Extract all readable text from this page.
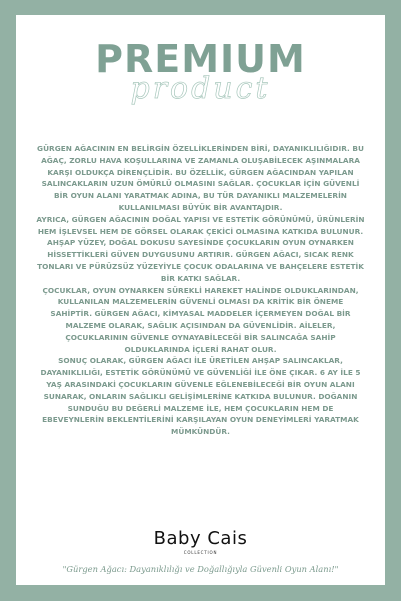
PREMIUM
product

GÜRGEN AĞACININ EN BELİRGİN ÖZELLİKLERİNDEN BİRİ, DAYANIKLILIĞIDIR. BU AĞAÇ, ZORLU HAVA KOŞULLARINA VE ZAMANLA OLUŞABİLECEK AŞINMALARA KARŞI OLDUKÇA DİRENÇLİDİR. BU ÖZELLİK, GÜRGEN AĞACINDAN YAPILAN SALINCAKLARIN UZUN ÖMÜRLÜ OLMASINI SAĞLAR. ÇOCUKLAR İÇİN GÜVENLİ BİR OYUN ALANI YARATMAK ADINA, BU TÜR DAYANIKLI MALZEMELERİN KULLANILMASI BÜYÜK BİR AVANTAJDIR.

AYRICA, GÜRGEN AĞACININ DOĞAL YAPISI VE ESTETİK GÖRÜNÜMÜ, ÜRÜNLERİN HEM İŞLEVSEL HEM DE GÖRSEL OLARAK ÇEKİCİ OLMASINA KATKIDA BULUNUR. AHŞAP YÜZEY, DOĞAL DOKUSU SAYESİNDE ÇOCUKLARIN OYUN OYNARKEN HİSSETTİKLERİ GÜVEN DUYGUSUNU ARTIRIR. GÜRGEN AĞACI, SICAK RENK TONLARI VE PÜRÜZSÜZ YÜZEYİYLE ÇOCUK ODALARINA VE BAHÇELERE ESTETİK BİR KATKI SAĞLAR.

ÇOCUKLAR, OYUN OYNARKEN SÜREKLİ HAREKET HALİNDE OLDUKLARINDAN, KULLANILAN MALZEMELERİN GÜVENLİ OLMASI DA KRİTİK BİR ÖNEME SAHİPTİR. GÜRGEN AĞACI, KİMYASAL MADDELER İÇERMEYEN DOĞAL BİR MALZEME OLARAK, SAĞLIK AÇISINDAN DA GÜVENLİDİR. AİLELER, ÇOCUKLARININ GÜVENLE OYNAYABİLECEĞİ BİR SALINCAĞA SAHİP OLDUKLARINDA İÇLERİ RAHAT OLUR.

SONUÇ OLARAK, GÜRGEN AĞACI İLE ÜRETİLEN AHŞAP SALINCAKLAR, DAYANIKLILIĞI, ESTETİK GÖRÜNÜMÜ VE GÜVENLİĞİ İLE ÖNE ÇIKAR. 6 AY İLE 5 YAŞ ARASINDAKİ ÇOCUKLARIN GÜVENLE EĞLENEBİLECEĞİ BİR OYUN ALANI SUNARAK, ONLARIN SAĞLIKLI GELİŞİMLERİNE KATKIDA BULUNUR. DOĞANIN SUNDUĞU BU DEĞERLİ MALZEME İLE, HEM ÇOCUKLARIN HEM DE EBEVEYNLERİN BEKLENTİLERİNİ KARŞILAYAN OYUN DENEYİMLERİ YARATMAK MÜMKÜNDÜR.

Baby Cais
COLLECTION
"Gürgen Ağacı: Dayanıklılığı ve Doğallığıyla Güvenli Oyun Alanı!"
